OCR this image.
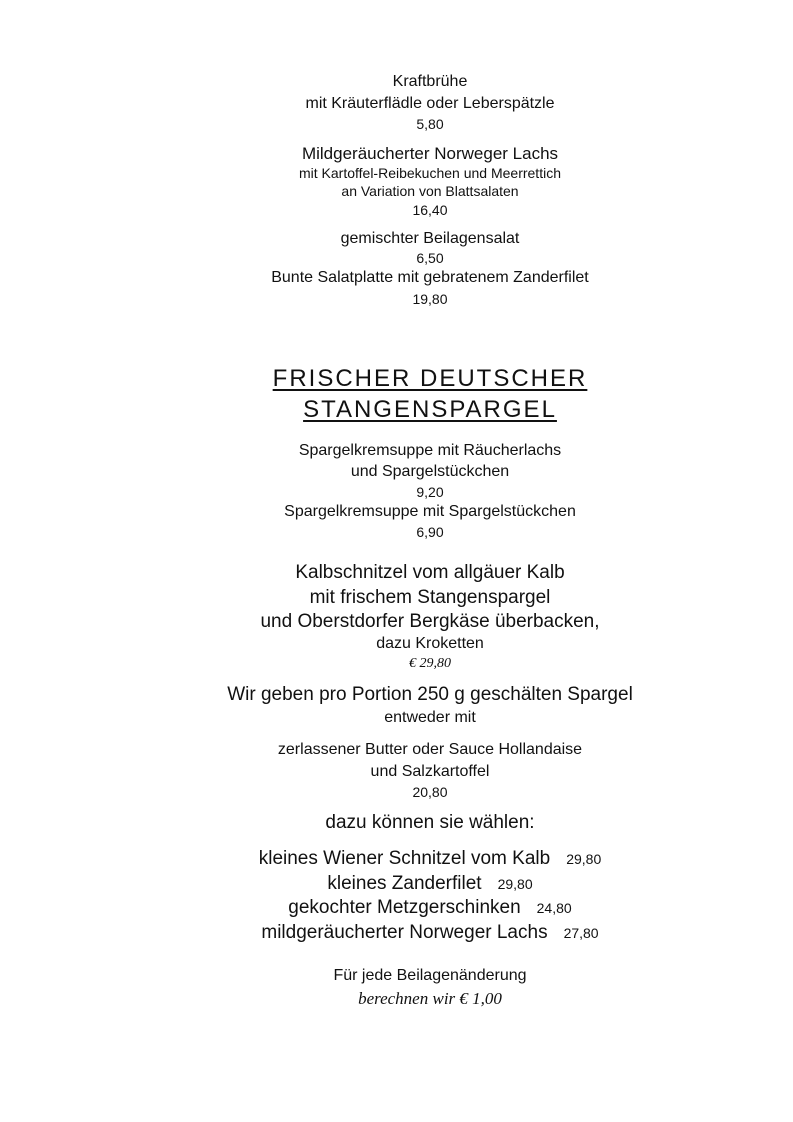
Kraftbrühe
mit Kräuterflädle oder Leberspätzle
5,80
Mildgeräucherter Norweger Lachs
mit Kartoffel-Reibekuchen und Meerrettich
an Variation von Blattsalaten
16,40
gemischter Beilagensalat
6,50
Bunte Salatplatte mit gebratenem Zanderfilet
19,80
FRISCHER DEUTSCHER
STANGENSPARGEL
Spargelkremsuppe mit Räucherlachs
und Spargelstückchen
9,20
Spargelkremsuppe mit Spargelstückchen
6,90
Kalbschnitzel vom allgäuer Kalb
mit frischem Stangenspargel
und Oberstdorfer Bergkäse überbacken,
dazu Kroketten
€ 29,80
Wir geben pro Portion 250 g geschälten Spargel
entweder mit
zerlassener Butter oder Sauce Hollandaise
und Salzkartoffel
20,80
dazu können sie wählen:
kleines Wiener Schnitzel vom Kalb 29,80
kleines Zanderfilet 29,80
gekochter Metzgerschinken 24,80
mildgeräucherter Norweger Lachs 27,80
Für jede Beilagenänderung
berechnen wir € 1,00
